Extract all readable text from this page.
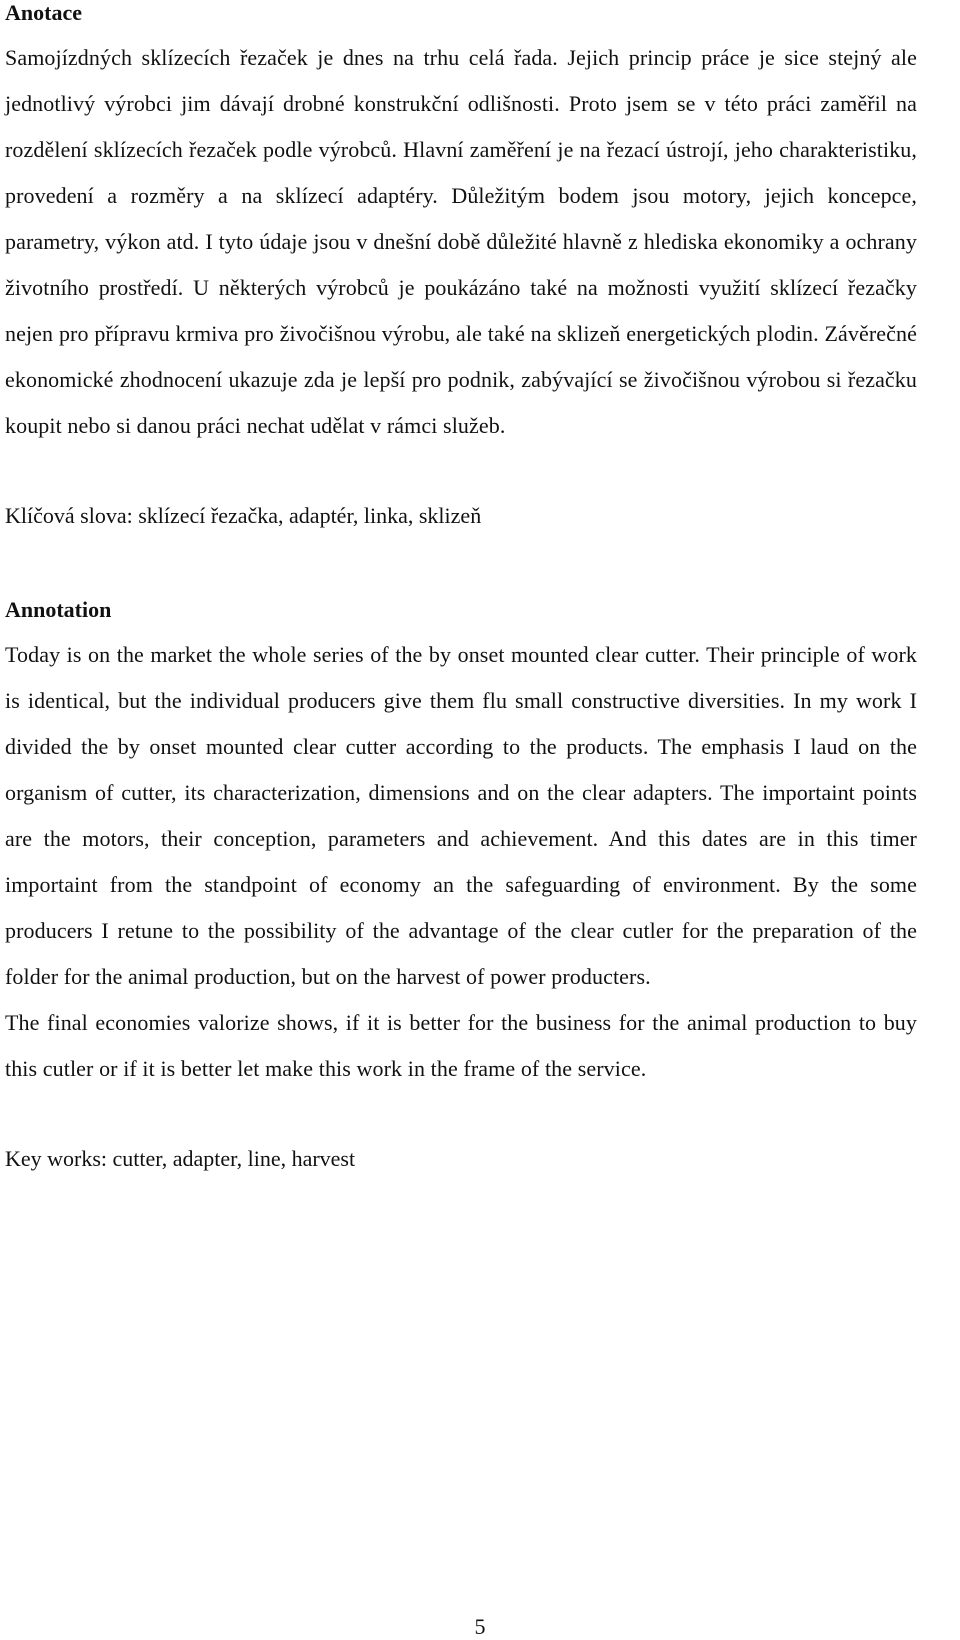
Anotace

Samojízdných sklízecích řezaček je dnes na trhu celá řada. Jejich princip práce je sice stejný ale jednotlivý výrobci jim dávají drobné konstrukční odlišnosti. Proto jsem se v této práci zaměřil na rozdělení sklízecích řezaček podle výrobců. Hlavní zaměření je na řezací ústrojí, jeho charakteristiku, provedení a rozměry a na sklízecí adaptéry. Důležitým bodem jsou motory, jejich koncepce, parametry, výkon atd. I tyto údaje jsou v dnešní době důležité hlavně z hlediska ekonomiky a ochrany životního prostředí. U některých výrobců je poukázáno také na možnosti využití sklízecí řezačky nejen pro přípravu krmiva pro živočišnou výrobu, ale také na sklizeň energetických plodin. Závěrečné ekonomické zhodnocení ukazuje zda je lepší pro podnik, zabývající se živočišnou výrobou si řezačku koupit nebo si danou práci nechat udělat v rámci služeb.

Klíčová slova: sklízecí řezačka, adaptér, linka, sklizeň

Annotation

Today is on the market the whole series of the by onset mounted clear cutter. Their principle of work is identical, but the individual producers give them flu small constructive diversities. In my work I divided the by onset mounted clear cutter according to the products. The emphasis I laud on the organism of cutter, its characterization, dimensions and on the clear adapters. The importaint points are the motors, their conception, parameters and achievement. And this dates are in this timer importaint from the standpoint of economy an the safeguarding of environment. By the some producers I retune to the possibility of the advantage of the clear cutler for the preparation of the folder for the animal production, but on the harvest of power producters.

The final economies valorize shows, if it is better for the business for the animal production to buy this cutler or if it is better let make this work in the frame of the service.

Key works: cutter, adapter, line, harvest

5
